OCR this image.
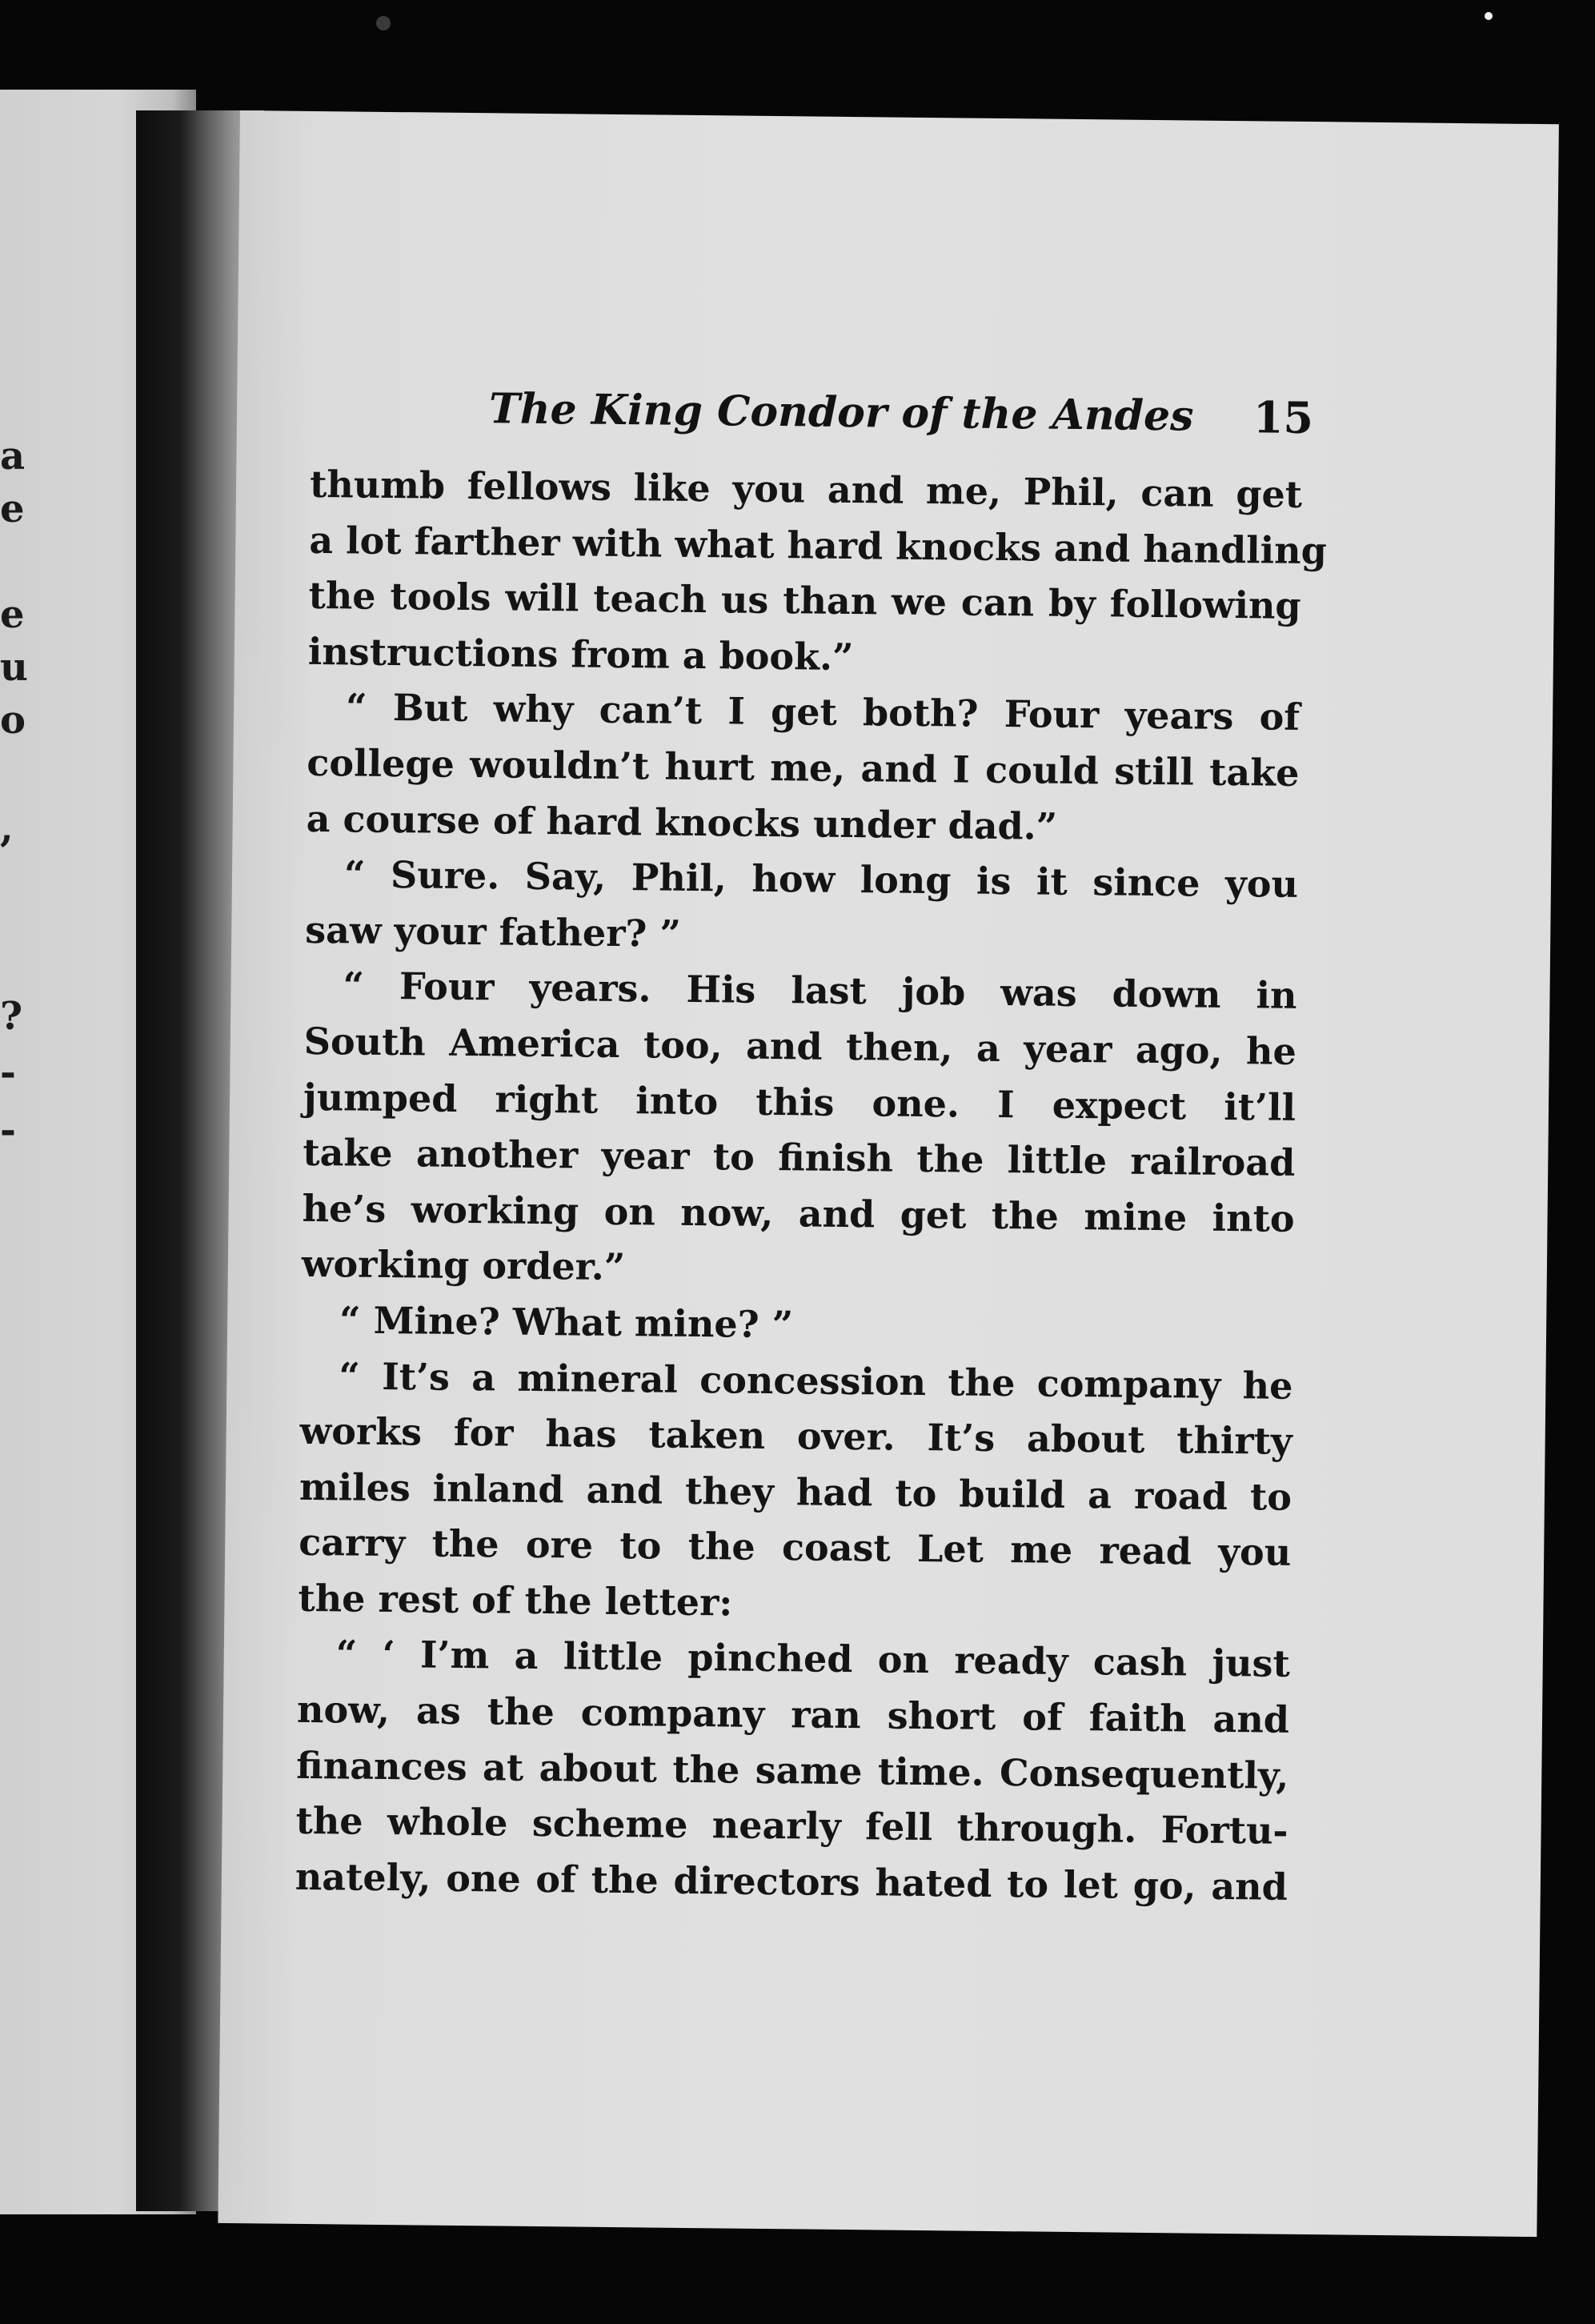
a
e
e
u
o
,
?
-
-
The King Condor of the Andes	15
thumb fellows like you and me, Phil, can get
a lot farther with what hard knocks and handling
the tools will teach us than we can by following
instructions from a book.”
“ But why can’t I get both? Four years of
college wouldn’t hurt me, and I could still take
a course of hard knocks under dad.”
“ Sure. Say, Phil, how long is it since you
saw your father? ”
“ Four years. His last job was down in
South America too, and then, a year ago, he
jumped right into this one. I expect it’ll
take another year to finish the little railroad
he’s working on now, and get the mine into
working order.”
“ Mine? What mine? ”
“ It’s a mineral concession the company he
works for has taken over. It’s about thirty
miles inland and they had to build a road to
carry the ore to the coast Let me read you
the rest of the letter:
“ ‘ I’m a little pinched on ready cash just
now, as the company ran short of faith and
finances at about the same time. Consequently,
the whole scheme nearly fell through. Fortu-
nately, one of the directors hated to let go, and
